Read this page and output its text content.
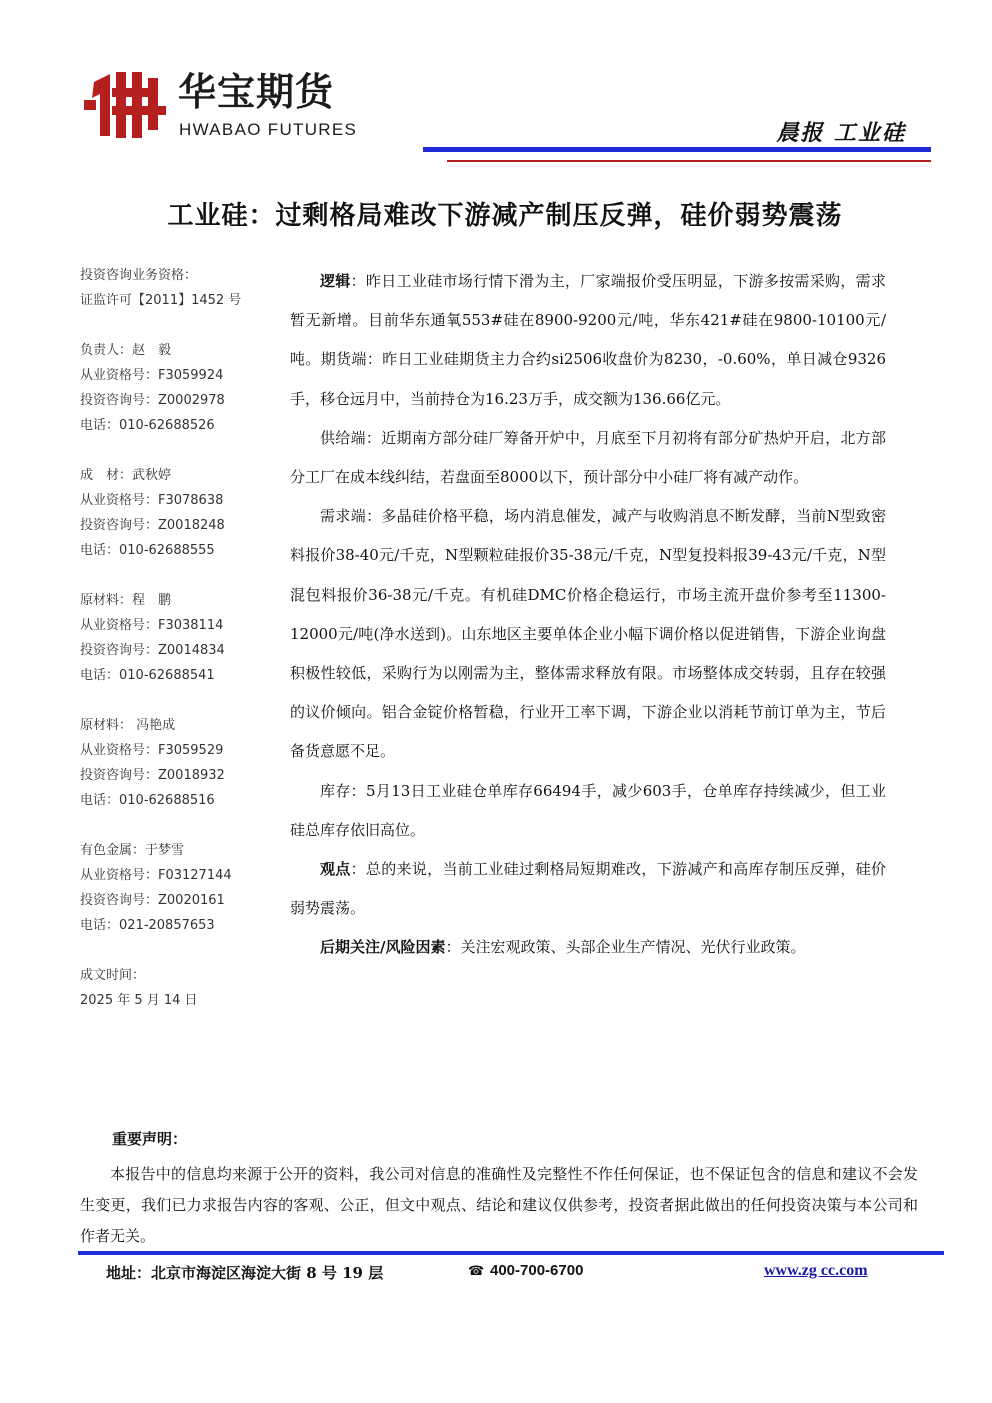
华宝期货
HWABAO FUTURES	晨报 工业硅
工业硅：过剩格局难改下游减产制压反弹，硅价弱势震荡
投资咨询业务资格：
证监许可【2011】1452 号
负责人：赵　毅
从业资格号：F3059924
投资咨询号：Z0002978
电话：010-62688526
成　材：武秋婷
从业资格号：F3078638
投资咨询号：Z0018248
电话：010-62688555
原材料：程　鹏
从业资格号：F3038114
投资咨询号：Z0014834
电话：010-62688541
原材料： 冯艳成
从业资格号：F3059529
投资咨询号：Z0018932
电话：010-62688516
有色金属：于梦雪
从业资格号：F03127144
投资咨询号：Z0020161
电话：021-20857653
成文时间：
2025 年 5 月 14 日

逻辑：昨日工业硅市场行情下滑为主，厂家端报价受压明显，下游多按需采购，需求暂无新增。目前华东通氧553#硅在8900-9200元/吨，华东421#硅在9800-10100元/吨。期货端：昨日工业硅期货主力合约si2506收盘价为8230，-0.60%，单日减仓9326手，移仓远月中，当前持仓为16.23万手，成交额为136.66亿元。

供给端：近期南方部分硅厂筹备开炉中，月底至下月初将有部分矿热炉开启，北方部分工厂在成本线纠结，若盘面至8000以下，预计部分中小硅厂将有减产动作。

需求端：多晶硅价格平稳，场内消息催发，减产与收购消息不断发酵，当前N型致密料报价38-40元/千克，N型颗粒硅报价35-38元/千克，N型复投料报39-43元/千克，N型混包料报价36-38元/千克。有机硅DMC价格企稳运行，市场主流开盘价参考至11300-12000元/吨(净水送到)。山东地区主要单体企业小幅下调价格以促进销售，下游企业询盘积极性较低，采购行为以刚需为主，整体需求释放有限。市场整体成交转弱，且存在较强的议价倾向。铝合金锭价格暂稳，行业开工率下调，下游企业以消耗节前订单为主，节后备货意愿不足。

库存：5月13日工业硅仓单库存66494手，减少603手，仓单库存持续减少，但工业硅总库存依旧高位。

观点：总的来说，当前工业硅过剩格局短期难改，下游减产和高库存制压反弹，硅价弱势震荡。

后期关注/风险因素：关注宏观政策、头部企业生产情况、光伏行业政策。

重要声明：
本报告中的信息均来源于公开的资料，我公司对信息的准确性及完整性不作任何保证，也不保证包含的信息和建议不会发生变更，我们已力求报告内容的客观、公正，但文中观点、结论和建议仅供参考，投资者据此做出的任何投资决策与本公司和作者无关。
地址：北京市海淀区海淀大街 8 号 19 层	☎ 400-700-6700	www.zg cc.com
